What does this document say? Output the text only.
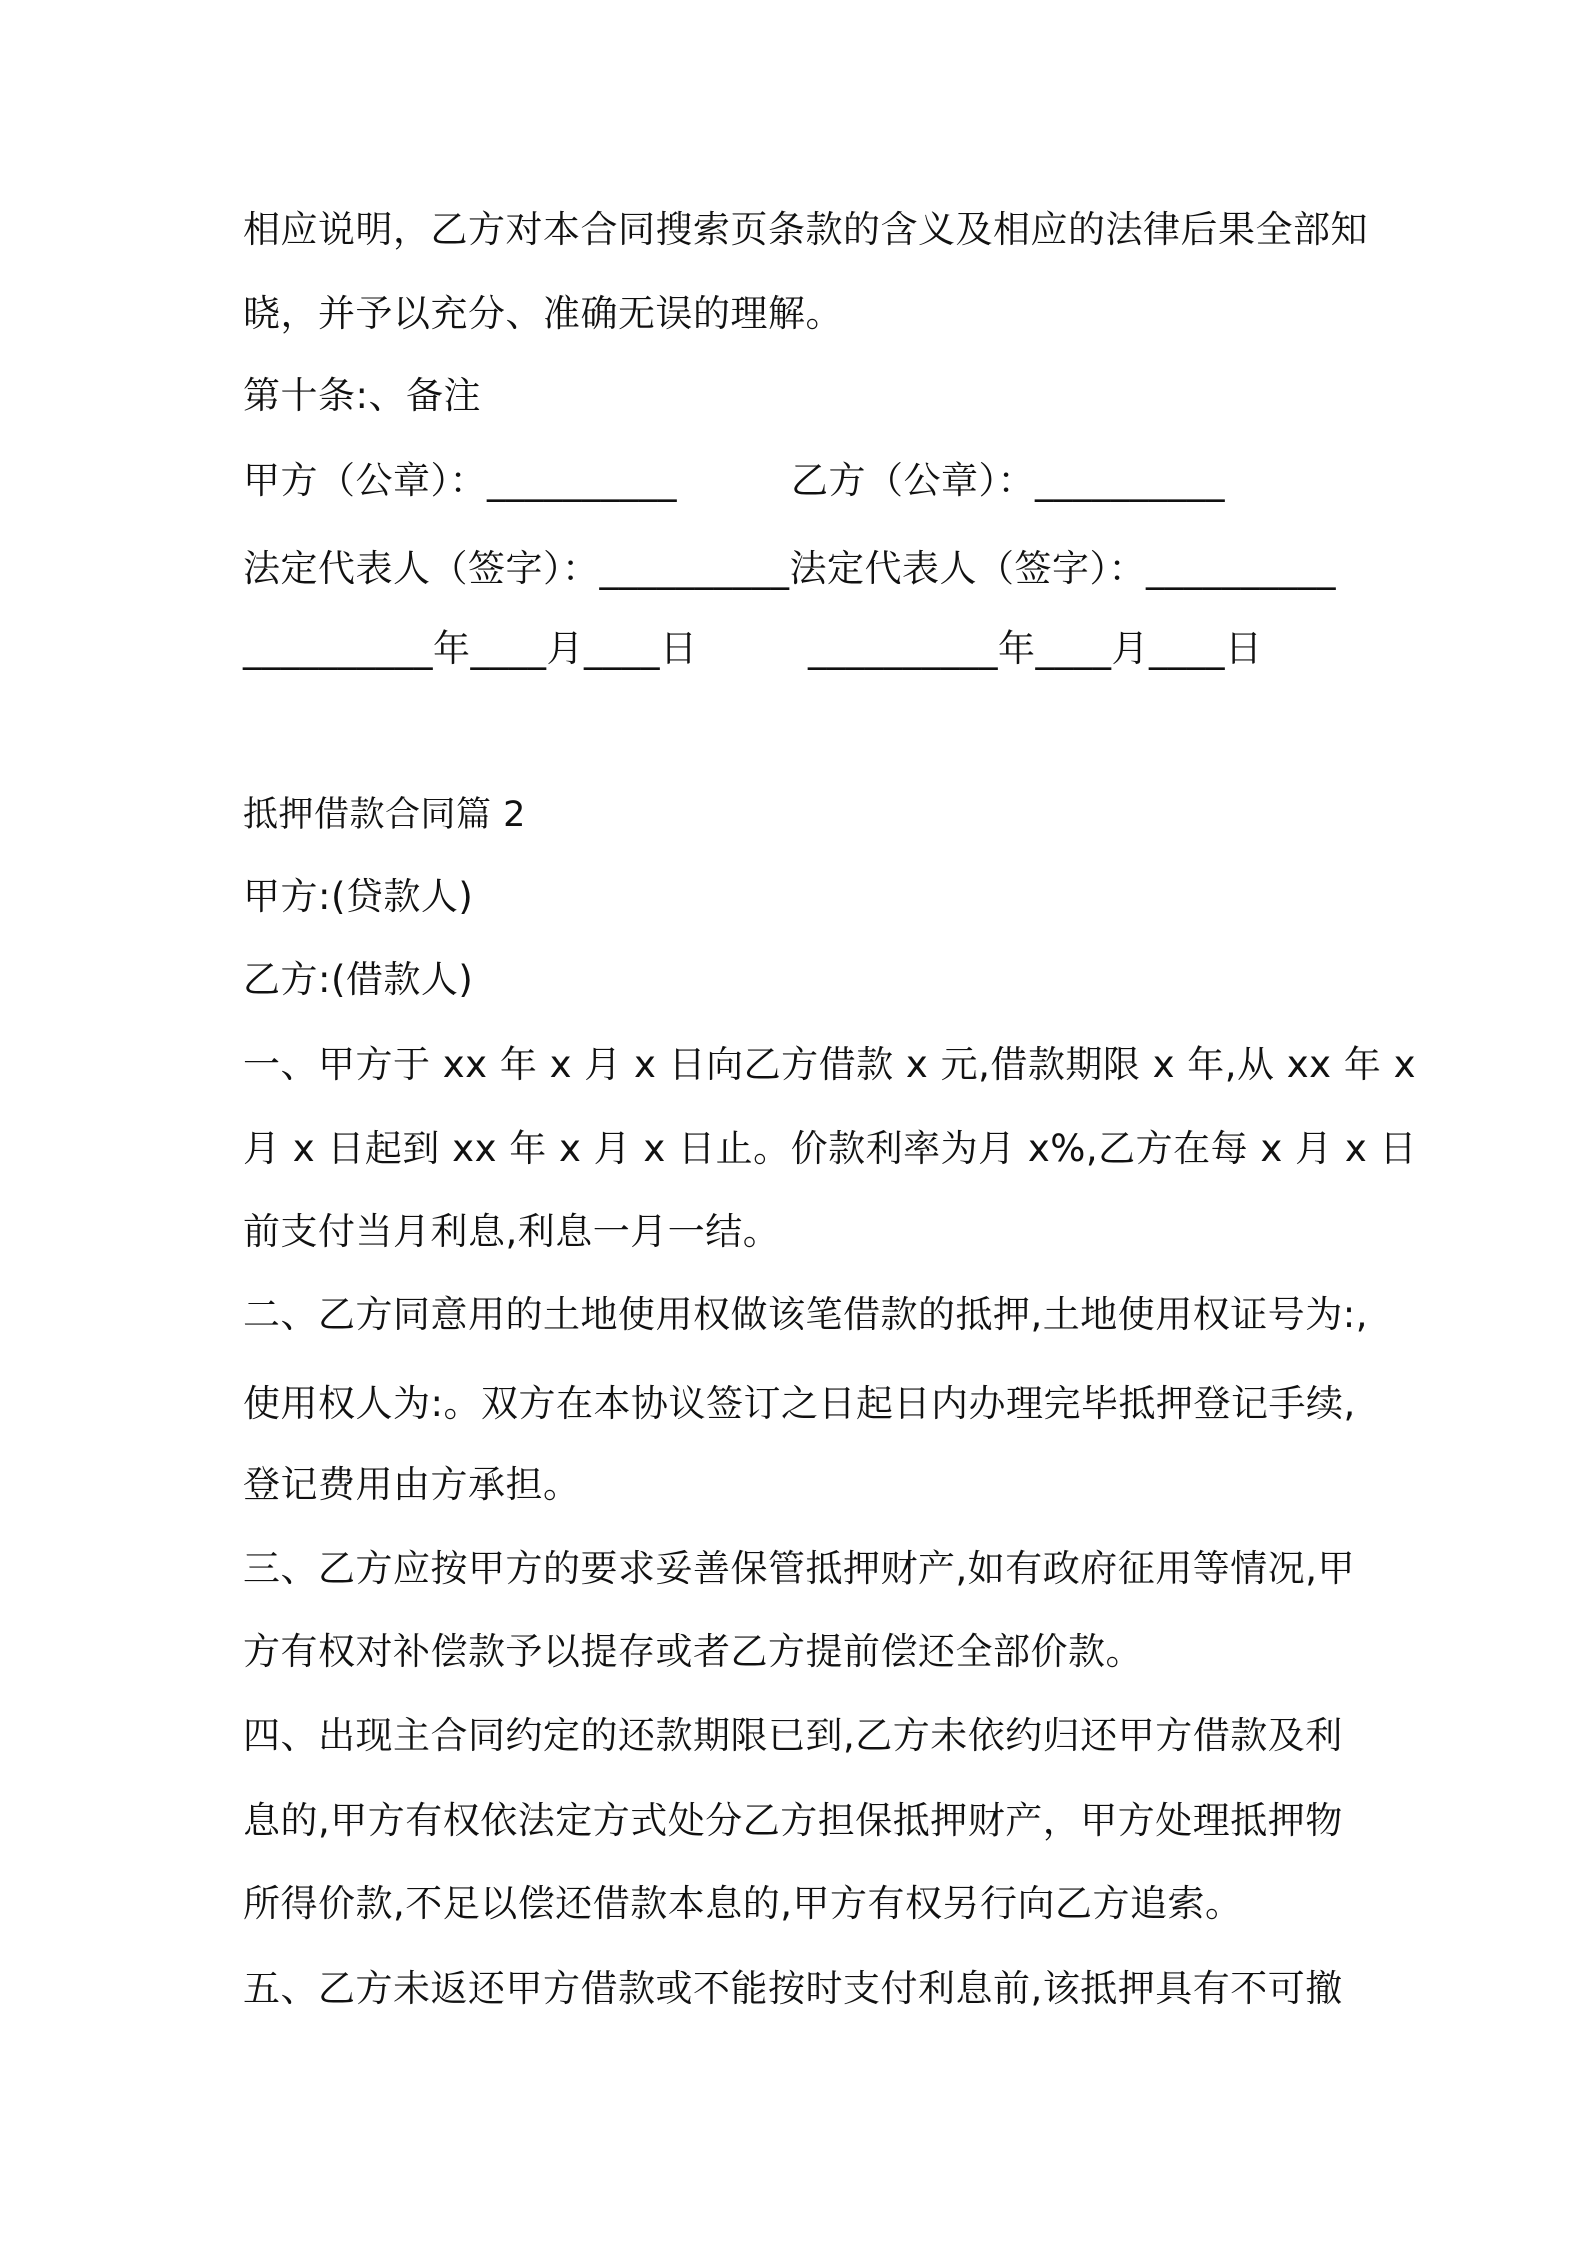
相应说明，乙方对本合同搜索页条款的含义及相应的法律后果全部知
晓，并予以充分、准确无误的理解。
第十条:、备注
甲方（公章）：__________	乙方（公章）：__________
法定代表人（签字）：__________法定代表人（签字）：__________
__________年____月____日	__________年____月____日
抵押借款合同篇 2
甲方:(贷款人)
乙方:(借款人)
一、甲方于 xx 年 x 月 x 日向乙方借款 x 元,借款期限 x 年,从 xx 年 x
月 x 日起到 xx 年 x 月 x 日止。价款利率为月 x%,乙方在每 x 月 x 日
前支付当月利息,利息一月一结。
二、乙方同意用的土地使用权做该笔借款的抵押,土地使用权证号为:,
使用权人为:。双方在本协议签订之日起日内办理完毕抵押登记手续,
登记费用由方承担。
三、乙方应按甲方的要求妥善保管抵押财产,如有政府征用等情况,甲
方有权对补偿款予以提存或者乙方提前偿还全部价款。
四、出现主合同约定的还款期限已到,乙方未依约归还甲方借款及利
息的,甲方有权依法定方式处分乙方担保抵押财产，甲方处理抵押物
所得价款,不足以偿还借款本息的,甲方有权另行向乙方追索。
五、乙方未返还甲方借款或不能按时支付利息前,该抵押具有不可撤
